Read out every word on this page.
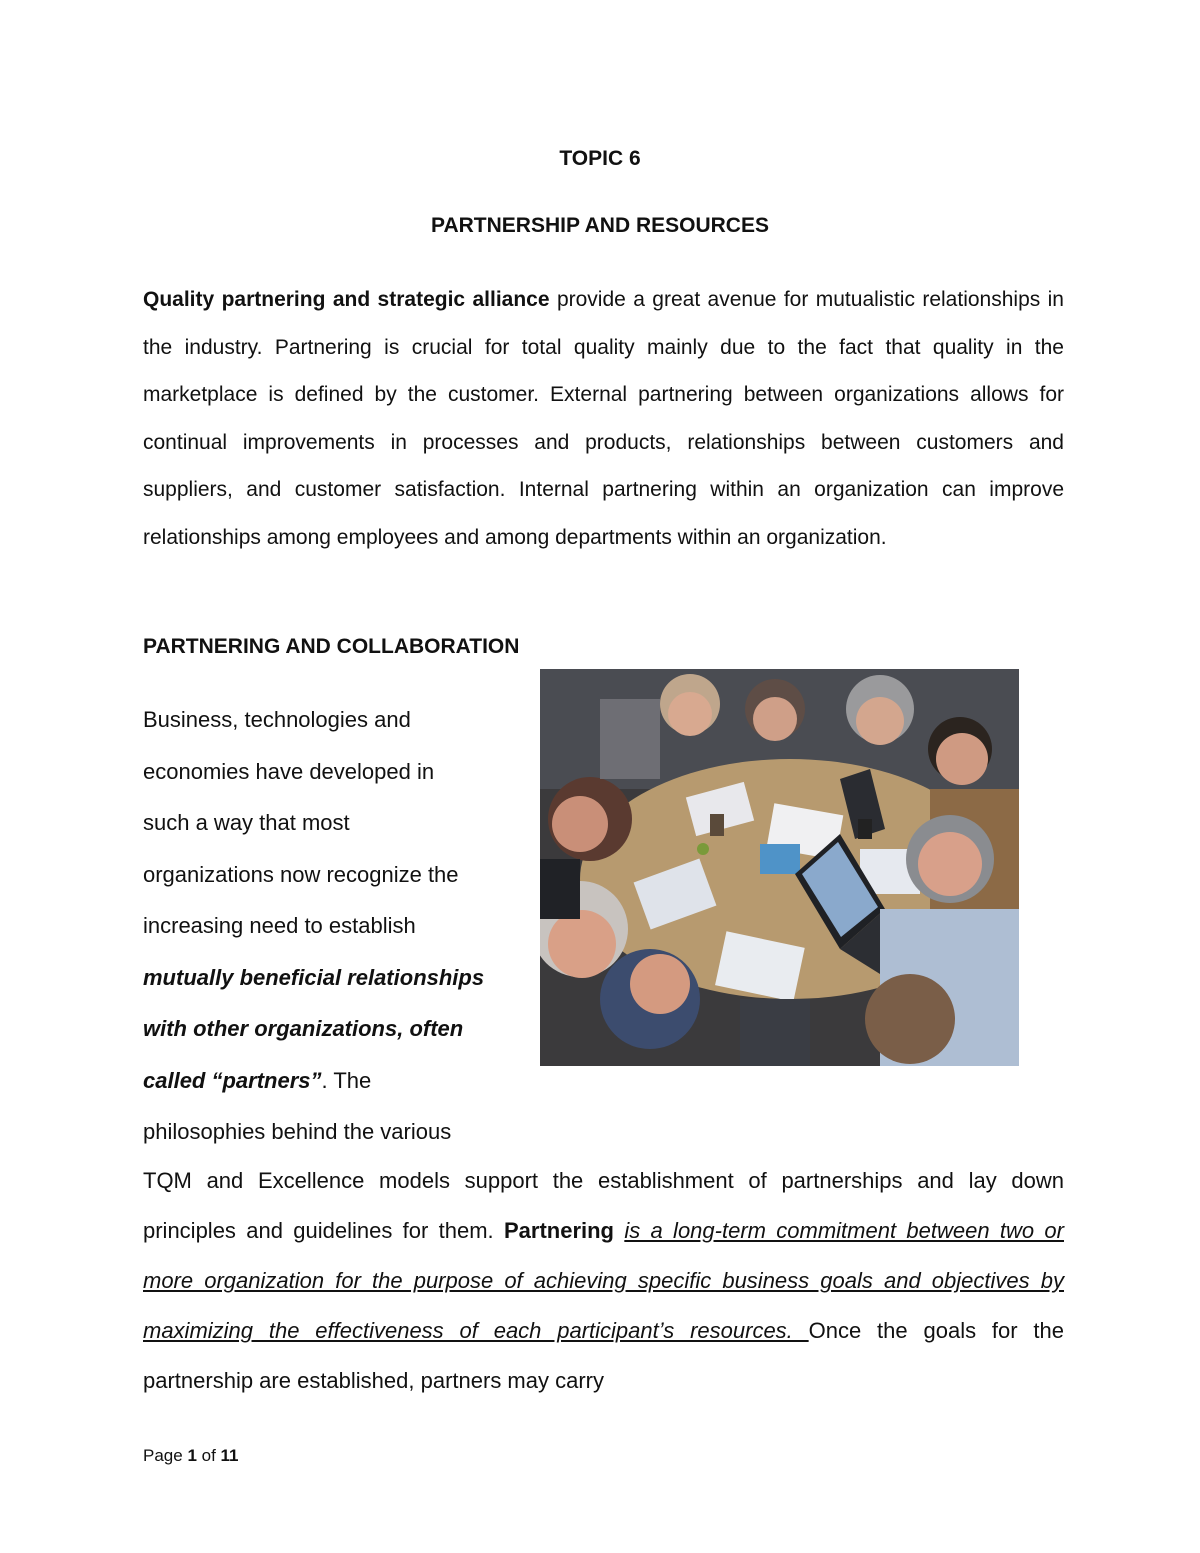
TOPIC 6
PARTNERSHIP AND RESOURCES
Quality partnering and strategic alliance provide a great avenue for mutualistic relationships in the industry. Partnering is crucial for total quality mainly due to the fact that quality in the marketplace is defined by the customer. External partnering between organizations allows for continual improvements in processes and products, relationships between customers and suppliers, and customer satisfaction. Internal partnering within an organization can improve relationships among employees and among departments within an organization.
PARTNERING AND COLLABORATION
Business, technologies and
economies have developed in
such a way that most
organizations now recognize the
increasing need to establish
mutually beneficial relationships
with other organizations, often
called “partners”. The
philosophies behind the various
TQM and Excellence models support the establishment of partnerships and lay down principles and guidelines for them. Partnering is a long-term commitment between two or more organization for the purpose of achieving specific business goals and objectives by maximizing the effectiveness of each participant’s resources. Once the goals for the partnership are established, partners may carry
Page 1 of 11
